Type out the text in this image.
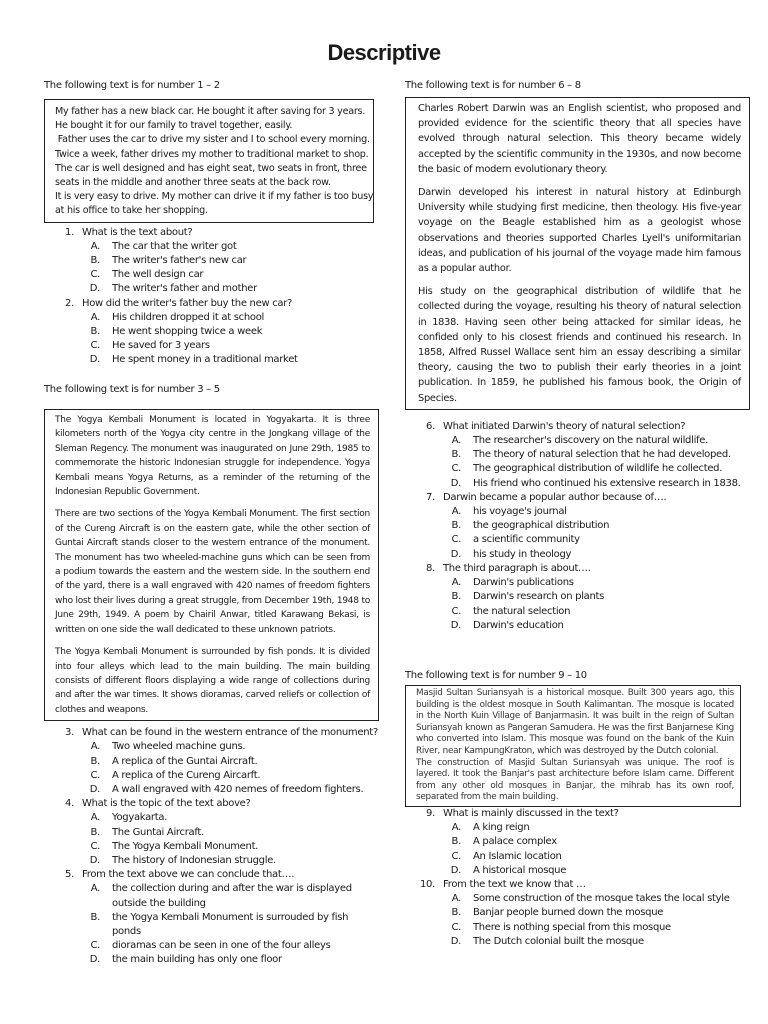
Descriptive

The following text is for number 1 – 2

My father has a new black car. He bought it after saving for 3 years.
He bought it for our family to travel together, easily.
Father uses the car to drive my sister and I to school every morning.
Twice a week, father drives my mother to traditional market to shop.
The car is well designed and has eight seat, two seats in front, three
seats in the middle and another three seats at the back row.
It is very easy to drive. My mother can drive it if my father is too busy
at his office to take her shopping.
1. What is the text about?
A.	The car that the writer got
B.	The writer's father's new car
C.	The well design car
D.	The writer's father and mother
2. How did the writer's father buy the new car?
A.	His children dropped it at school
B.	He went shopping twice a week
C.	He saved for 3 years
D.	He spent money in a traditional market

The following text is for number 3 – 5

The Yogya Kembali Monument is located in Yogyakarta. It is three kilometers north of the Yogya city centre in the Jongkang village of the Sleman Regency. The monument was inaugurated on June 29th, 1985 to commemorate the historic Indonesian struggle for independence. Yogya Kembali means Yogya Returns, as a reminder of the returning of the Indonesian Republic Government.

There are two sections of the Yogya Kembali Monument. The first section of the Cureng Aircraft is on the eastern gate, while the other section of Guntai Aircraft stands closer to the western entrance of the monument. The monument has two wheeled-machine guns which can be seen from a podium towards the eastern and the western side. In the southern end of the yard, there is a wall engraved with 420 names of freedom fighters who lost their lives during a great struggle, from December 19th, 1948 to June 29th, 1949. A poem by Chairil Anwar, titled Karawang Bekasi, is written on one side the wall dedicated to these unknown patriots.

The Yogya Kembali Monument is surrounded by fish ponds. It is divided into four alleys which lead to the main building. The main building consists of different floors displaying a wide range of collections during and after the war times. It shows dioramas, carved reliefs or collection of clothes and weapons.

3. What can be found in the western entrance of the monument?
A.	Two wheeled machine guns.
B.	A replica of the Guntai Aircraft.
C.	A replica of the Cureng Aircarft.
D.	A wall engraved with 420 nemes of freedom fighters.
4. What is the topic of the text above?
A.	Yogyakarta.
B.	The Guntai Aircraft.
C.	The Yogya Kembali Monument.
D.	The history of Indonesian struggle.
5. From the text above we can conclude that….
A.	the collection during and after the war is displayed outside the building
B.	the Yogya Kembali Monument is surrouded by fish ponds
C.	dioramas can be seen in one of the four alleys
D.	the main building has only one floor

The following text is for number 6 – 8

Charles Robert Darwin was an English scientist, who proposed and provided evidence for the scientific theory that all species have evolved through natural selection. This theory became widely accepted by the scientific community in the 1930s, and now become the basic of modern evolutionary theory.

Darwin developed his interest in natural history at Edinburgh University while studying first medicine, then theology. His five-year voyage on the Beagle established him as a geologist whose observations and theories supported Charles Lyell's uniformitarian ideas, and publication of his journal of the voyage made him famous as a popular author.

His study on the geographical distribution of wildlife that he collected during the voyage, resulting his theory of natural selection in 1838. Having seen other being attacked for similar ideas, he confided only to his closest friends and continued his research. In 1858, Alfred Russel Wallace sent him an essay describing a similar theory, causing the two to publish their early theories in a joint publication. In 1859, he published his famous book, the Origin of Species.

6. What initiated Darwin's theory of natural selection?
A.	The researcher's discovery on the natural wildlife.
B.	The theory of natural selection that he had developed.
C.	The geographical distribution of wildlife he collected.
D.	His friend who continued his extensive research in 1838.
7. Darwin became a popular author because of….
A.	his voyage's journal
B.	the geographical distribution
C.	a scientific community
D.	his study in theology
8. The third paragraph is about….
A.	Darwin's publications
B.	Darwin's research on plants
C.	the natural selection
D.	Darwin's education

The following text is for number 9 – 10

Masjid Sultan Suriansyah is a historical mosque. Built 300 years ago, this building is the oldest mosque in South Kalimantan. The mosque is located in the North Kuin Village of Banjarmasin. It was built in the reign of Sultan Suriansyah known as Pangeran Samudera. He was the first Banjarnese King who converted into Islam. This mosque was found on the bank of the Kuin River, near KampungKraton, which was destroyed by the Dutch colonial.

The construction of Masjid Sultan Suriansyah was unique. The roof is layered. It took the Banjar's past architecture before Islam came. Different from any other old mosques in Banjar, the mihrab has its own roof, separated from the main building.

9. What is mainly discussed in the text?
A.	A king reign
B.	A palace complex
C.	An Islamic location
D.	A historical mosque
10. From the text we know that …
A.	Some construction of the mosque takes the local style
B.	Banjar people burned down the mosque
C.	There is nothing special from this mosque
D.	The Dutch colonial built the mosque
